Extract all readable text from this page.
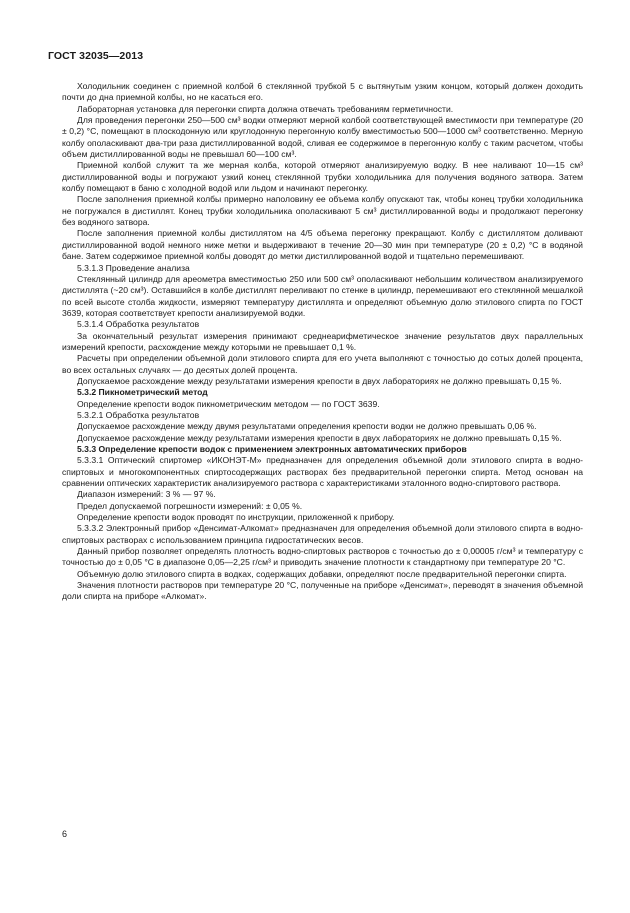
ГОСТ 32035—2013

Холодильник соединен с приемной колбой 6 стеклянной трубкой 5 с вытянутым узким концом, который должен доходить почти до дна приемной колбы, но не касаться его.

Лабораторная установка для перегонки спирта должна отвечать требованиям герметичности.

Для проведения перегонки 250—500 см³ водки отмеряют мерной колбой соответствующей вместимости при температуре (20 ± 0,2) °С, помещают в плоскодонную или круглодонную перегонную колбу вместимостью 500—1000 см³ соответственно. Мерную колбу ополаскивают два-три раза дистиллированной водой, сливая ее содержимое в перегонную колбу с таким расчетом, чтобы объем дистиллированной воды не превышал 60—100 см³.

Приемной колбой служит та же мерная колба, которой отмеряют анализируемую водку. В нее наливают 10—15 см³ дистиллированной воды и погружают узкий конец стеклянной трубки холодильника для получения водяного затвора. Затем колбу помещают в баню с холодной водой или льдом и начинают перегонку.

После заполнения приемной колбы примерно наполовину ее объема колбу опускают так, чтобы конец трубки холодильника не погружался в дистиллят. Конец трубки холодильника ополаскивают 5 см³ дистиллированной воды и продолжают перегонку без водяного затвора.

После заполнения приемной колбы дистиллятом на 4/5 объема перегонку прекращают. Колбу с дистиллятом доливают дистиллированной водой немного ниже метки и выдерживают в течение 20—30 мин при температуре (20 ± 0,2) °С в водяной бане. Затем содержимое приемной колбы доводят до метки дистиллированной водой и тщательно перемешивают.

5.3.1.3 Проведение анализа

Стеклянный цилиндр для ареометра вместимостью 250 или 500 см³ ополаскивают небольшим количеством анализируемого дистиллята (~20 см³). Оставшийся в колбе дистиллят переливают по стенке в цилиндр, перемешивают его стеклянной мешалкой по всей высоте столба жидкости, измеряют температуру дистиллята и определяют объемную долю этилового спирта по ГОСТ 3639, которая соответствует крепости анализируемой водки.

5.3.1.4 Обработка результатов

За окончательный результат измерения принимают среднеарифметическое значение результатов двух параллельных измерений крепости, расхождение между которыми не превышает 0,1 %.

Расчеты при определении объемной доли этилового спирта для его учета выполняют с точностью до сотых долей процента, во всех остальных случаях — до десятых долей процента.

Допускаемое расхождение между результатами измерения крепости в двух лабораториях не должно превышать 0,15 %.

5.3.2 Пикнометрический метод

Определение крепости водок пикнометрическим методом — по ГОСТ 3639.

5.3.2.1 Обработка результатов

Допускаемое расхождение между двумя результатами определения крепости водки не должно превышать 0,06 %.

Допускаемое расхождение между результатами измерения крепости в двух лабораториях не должно превышать 0,15 %.

5.3.3 Определение крепости водок с применением электронных автоматических приборов

5.3.3.1 Оптический спиртомер «ИКОНЭТ-М» предназначен для определения объемной доли этилового спирта в водно-спиртовых и многокомпонентных спиртосодержащих растворах без предварительной перегонки спирта. Метод основан на сравнении оптических характеристик анализируемого раствора с характеристиками эталонного водно-спиртового раствора.

Диапазон измерений: 3 % — 97 %.

Предел допускаемой погрешности измерений: ± 0,05 %.

Определение крепости водок проводят по инструкции, приложенной к прибору.

5.3.3.2 Электронный прибор «Денсимат-Алкомат» предназначен для определения объемной доли этилового спирта в водно-спиртовых растворах с использованием принципа гидростатических весов.

Данный прибор позволяет определять плотность водно-спиртовых растворов с точностью до ± 0,00005 г/см³ и температуру с точностью до ± 0,05 °С в диапазоне 0,05—2,25 г/см³ и приводить значение плотности к стандартному при температуре 20 °С.

Объемную долю этилового спирта в водках, содержащих добавки, определяют после предварительной перегонки спирта.

Значения плотности растворов при температуре 20 °С, полученные на приборе «Денсимат», переводят в значения объемной доли спирта на приборе «Алкомат».

6
